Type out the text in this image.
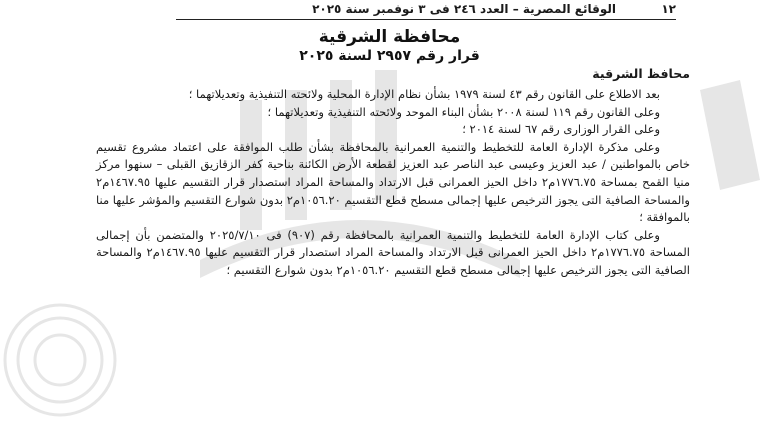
١٢
الوقائع المصرية – العدد ٢٤٦ فى ٣ نوفمبر سنة ٢٠٢٥
محافظة الشرقية
قرار رقم ٢٩٥٧ لسنة ٢٠٢٥

محافظ الشرقية

بعد الاطلاع على القانون رقم ٤٣ لسنة ١٩٧٩ بشأن نظام الإدارة المحلية ولائحته التنفيذية وتعديلاتهما ؛

وعلى القانون رقم ١١٩ لسنة ٢٠٠٨ بشأن البناء الموحد ولائحته التنفيذية وتعديلاتهما ؛

وعلى القرار الوزارى رقم ٦٧ لسنة ٢٠١٤ ؛

وعلى مذكرة الإدارة العامة للتخطيط والتنمية العمرانية بالمحافظة بشأن طلب الموافقة على اعتماد مشروع تقسيم خاص بالمواطنين / عبد العزيز وعيسى عبد الناصر عبد العزيز لقطعة الأرض الكائنة بناحية كفر الزقازيق القبلى – سنهوا مركز منيا القمح بمساحة ١٧٧٦.٧٥م٢ داخل الحيز العمرانى قبل الارتداد والمساحة المراد استصدار قرار التقسيم عليها ١٤٦٧.٩٥م٢ والمساحة الصافية التى يجوز الترخيص عليها إجمالى مسطح قطع التقسيم ١٠٥٦.٢٠م٢ بدون شوارع التقسيم والمؤشر عليها منا بالموافقة ؛

وعلى كتاب الإدارة العامة للتخطيط والتنمية العمرانية بالمحافظة رقم (٩٠٧) فى ٢٠٢٥/٧/١٠ والمتضمن بأن إجمالى المساحة ١٧٧٦.٧٥م٢ داخل الحيز العمرانى قبل الارتداد والمساحة المراد استصدار قرار التقسيم عليها ١٤٦٧.٩٥م٢ والمساحة الصافية التى يجوز الترخيص عليها إجمالى مسطح قطع التقسيم ١٠٥٦.٢٠م٢ بدون شوارع التقسيم ؛
